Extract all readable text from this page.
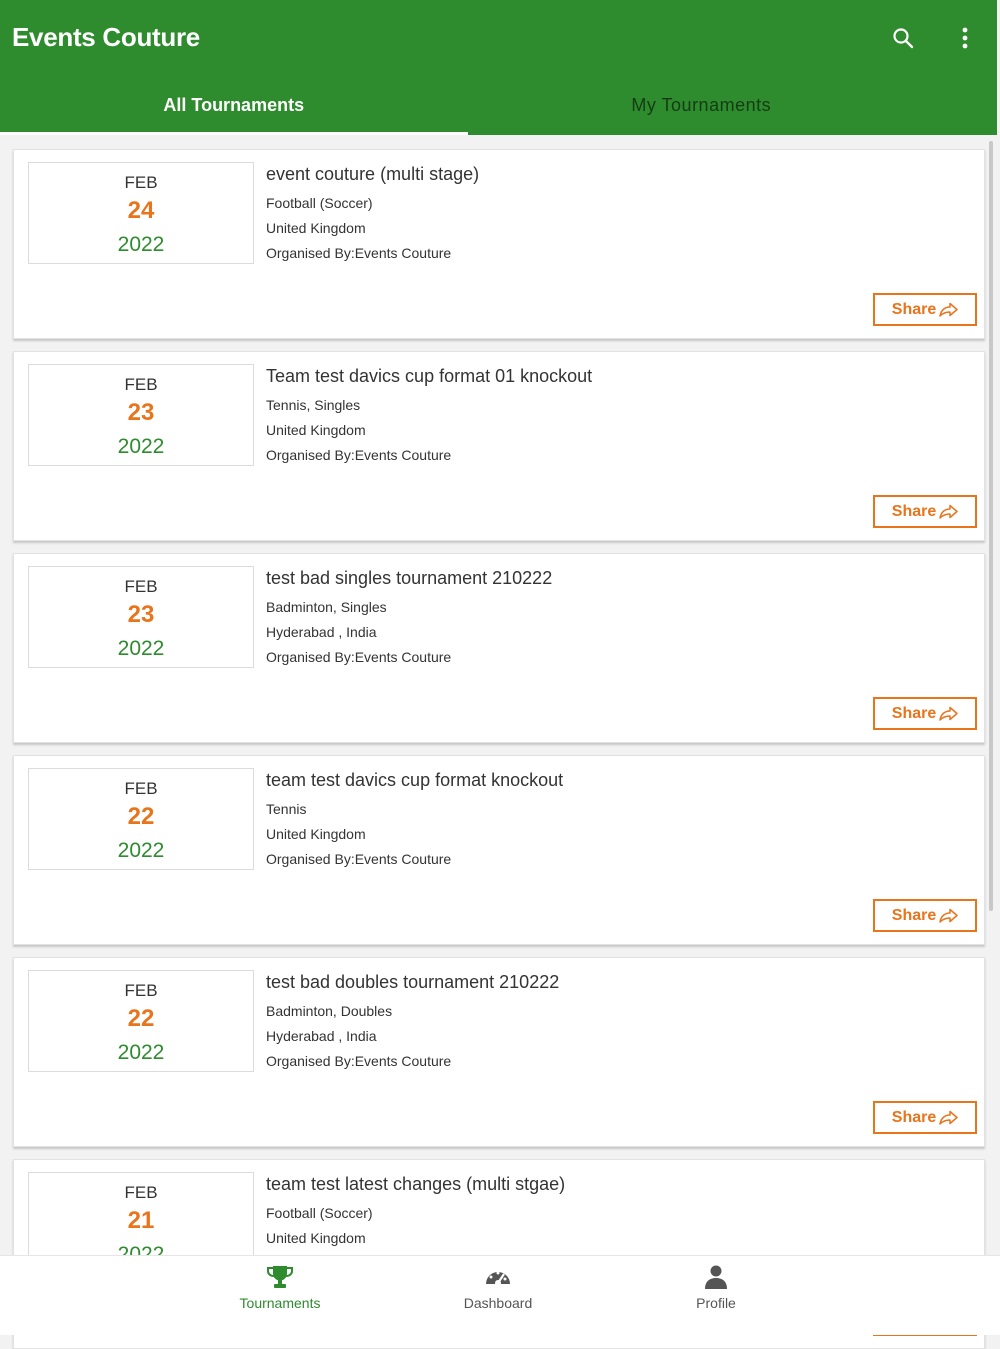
Events Couture
All Tournaments	My Tournaments
FEB
24
2022
event couture (multi stage)
Football (Soccer)
United Kingdom
Organised By:Events Couture
Share
FEB
23
2022
Team test davics cup format 01 knockout
Tennis, Singles
United Kingdom
Organised By:Events Couture
Share
FEB
23
2022
test bad singles tournament 210222
Badminton, Singles
Hyderabad , India
Organised By:Events Couture
Share
FEB
22
2022
team test davics cup format knockout
Tennis
United Kingdom
Organised By:Events Couture
Share
FEB
22
2022
test bad doubles tournament 210222
Badminton, Doubles
Hyderabad , India
Organised By:Events Couture
Share
FEB
21
team test latest changes (multi stgae)
Football (Soccer)
United Kingdom
Tournaments	Dashboard	Profile
